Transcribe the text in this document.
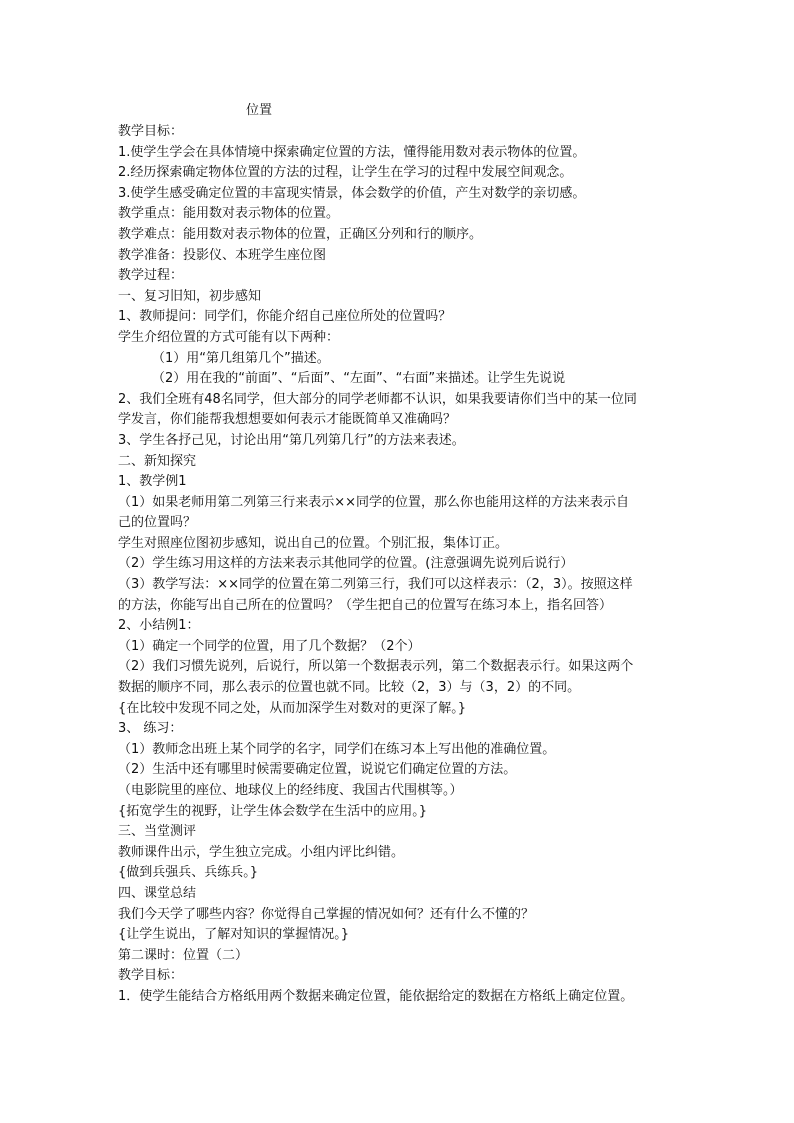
位置
教学目标：
1.使学生学会在具体情境中探索确定位置的方法，懂得能用数对表示物体的位置。
2.经历探索确定物体位置的方法的过程，让学生在学习的过程中发展空间观念。
3.使学生感受确定位置的丰富现实情景，体会数学的价值，产生对数学的亲切感。
教学重点：能用数对表示物体的位置。
教学难点：能用数对表示物体的位置，正确区分列和行的顺序。
教学准备：投影仪、本班学生座位图
教学过程：
一、复习旧知，初步感知
1、教师提问：同学们，你能介绍自己座位所处的位置吗？
学生介绍位置的方式可能有以下两种：
（1）用“第几组第几个”描述。
（2）用在我的“前面”、“后面”、“左面”、“右面”来描述。让学生先说说
2、我们全班有48名同学，但大部分的同学老师都不认识，如果我要请你们当中的某一位同
学发言，你们能帮我想想要如何表示才能既简单又准确吗？
3、学生各抒己见，讨论出用“第几列第几行”的方法来表述。
二、新知探究
1、教学例1
（1）如果老师用第二列第三行来表示××同学的位置，那么你也能用这样的方法来表示自
己的位置吗？
学生对照座位图初步感知，说出自己的位置。个别汇报，集体订正。
（2）学生练习用这样的方法来表示其他同学的位置。(注意强调先说列后说行）
（3）教学写法：××同学的位置在第二列第三行，我们可以这样表示：（2，3）。按照这样
的方法，你能写出自己所在的位置吗？（学生把自己的位置写在练习本上，指名回答）
2、小结例1：
（1）确定一个同学的位置，用了几个数据？（2个）
（2）我们习惯先说列，后说行，所以第一个数据表示列，第二个数据表示行。如果这两个
数据的顺序不同，那么表示的位置也就不同。比较（2，3）与（3，2）的不同。
{在比较中发现不同之处，从而加深学生对数对的更深了解。}
3、 练习：
（1）教师念出班上某个同学的名字，同学们在练习本上写出他的准确位置。
（2）生活中还有哪里时候需要确定位置，说说它们确定位置的方法。
（电影院里的座位、地球仪上的经纬度、我国古代围棋等。）
{拓宽学生的视野，让学生体会数学在生活中的应用。}
三、当堂测评
教师课件出示，学生独立完成。小组内评比纠错。
{做到兵强兵、兵练兵。}
四、课堂总结
我们今天学了哪些内容？你觉得自己掌握的情况如何？还有什么不懂的？
{让学生说出，了解对知识的掌握情况。}
第二课时：位置（二）
教学目标：
1．使学生能结合方格纸用两个数据来确定位置，能依据给定的数据在方格纸上确定位置。
